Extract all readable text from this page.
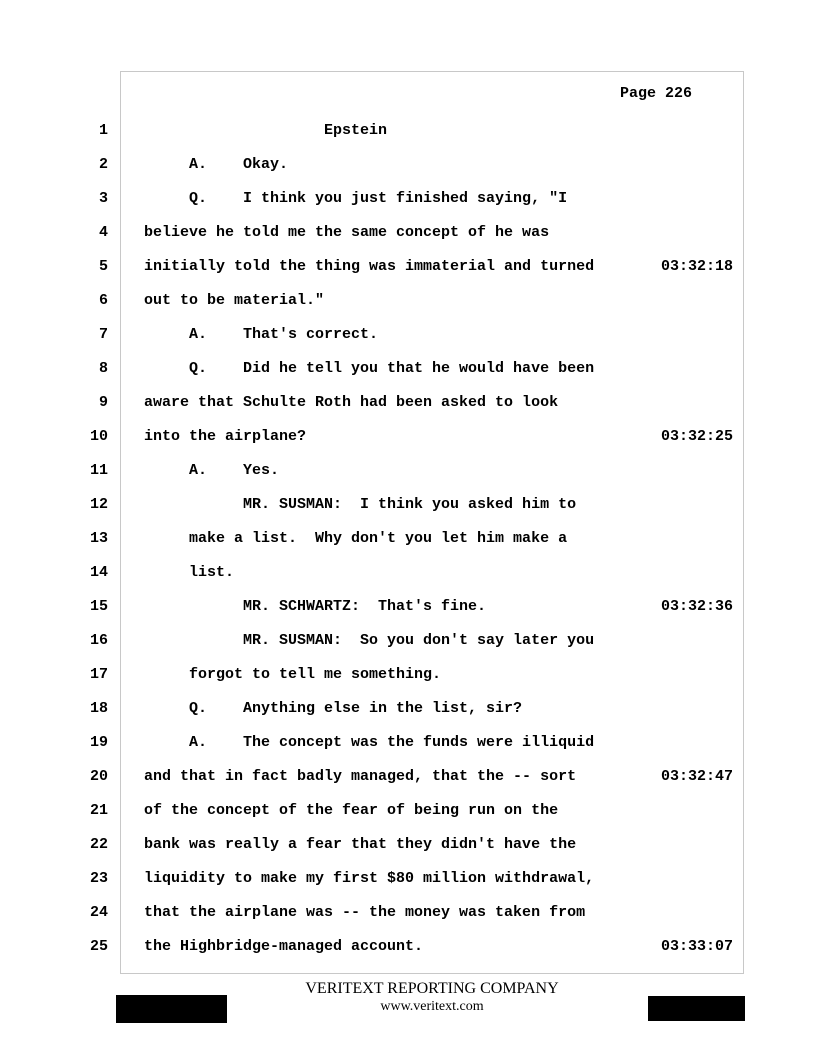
Page 226
1 Epstein
2 A.    Okay.
3 Q.    I think you just finished saying, "I
4 believe he told me the same concept of he was
5 initially told the thing was immaterial and turned	03:32:18
6 out to be material."
7 A.    That's correct.
8 Q.    Did he tell you that he would have been
9 aware that Schulte Roth had been asked to look
10 into the airplane?	03:32:25
11 A.    Yes.
12 MR. SUSMAN:  I think you asked him to
13 make a list.  Why don't you let him make a
14 list.
15 MR. SCHWARTZ:  That's fine.	03:32:36
16 MR. SUSMAN:  So you don't say later you
17 forgot to tell me something.
18 Q.    Anything else in the list, sir?
19 A.    The concept was the funds were illiquid
20 and that in fact badly managed, that the -- sort	03:32:47
21 of the concept of the fear of being run on the
22 bank was really a fear that they didn't have the
23 liquidity to make my first $80 million withdrawal,
24 that the airplane was -- the money was taken from
25 the Highbridge-managed account.	03:33:07
VERITEXT REPORTING COMPANY
www.veritext.com
